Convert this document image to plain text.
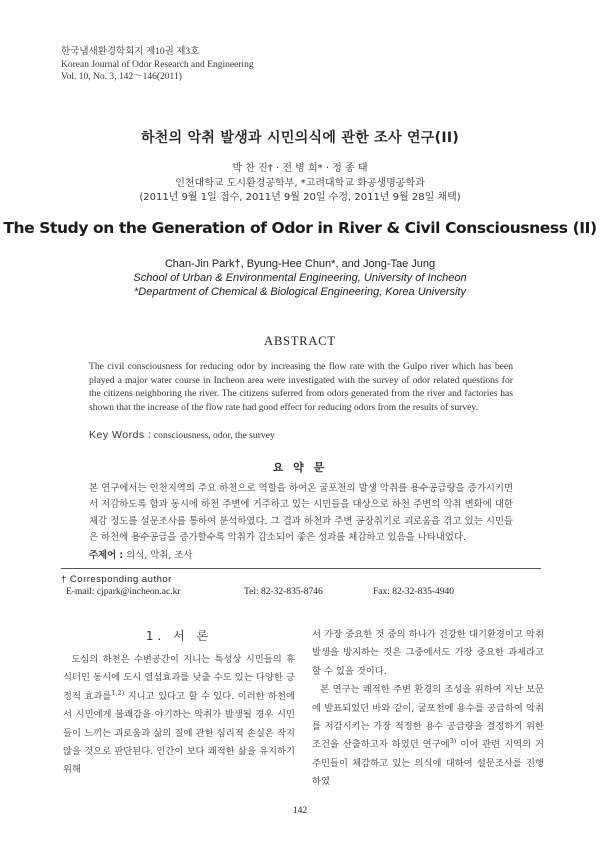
한국냄새환경학회지 제10권 제3호
Korean Journal of Odor Research and Engineering
Vol. 10, No. 3, 142～146(2011)
하천의 악취 발생과 시민의식에 관한 조사 연구(II)
박 찬 진† · 전 병 희* · 정 종 태
인천대학교 도시환경공학부, *고려대학교 화공생명공학과
(2011년 9월 1일 접수, 2011년 9월 20일 수정, 2011년 9월 28일 채택)
The Study on the Generation of Odor in River & Civil Consciousness (II)
Chan-Jin Park†, Byung-Hee Chun*, and Jong-Tae Jung
School of Urban & Environmental Engineering, University of Incheon
*Department of Chemical & Biological Engineering, Korea University
ABSTRACT
The civil consciousness for reducing odor by increasing the flow rate with the Gulpo river which has been played a major water course in Incheon area were investigated with the survey of odor related questions for the citizens neighboring the river. The citizens suferred from odors generated from the river and factories has shown that the increase of the flow rate had good effect for reducing odors from the results of survey.
Key Words : consciousness, odor, the survey
요 약 문
본 연구에서는 인천지역의 주요 하천으로 역할을 하여온 굴포천의 발생 악취를 용수공급량을 증가시키면서 저감하도록 함과 동시에 하천 주변에 거주하고 있는 시민들을 대상으로 하천 주변의 악취 변화에 대한 체감 정도를 설문조사를 통하여 분석하였다. 그 결과 하천과 주변 공장취기로 괴로움을 겪고 있는 시민들은 하천에 용수공급을 증가할수록 악취가 감소되어 좋은 성과를 체감하고 있음을 나타내었다.
주제어 : 의식, 악취, 조사
† Corresponding author
E-mail: cjpark@incheon.ac.kr	Tel: 82-32-835-8746	Fax: 82-32-835-4940
1. 서 론

도심의 하천은 수변공간이 지니는 특성상 시민들의 휴식터인 동시에 도시 열섬효과를 낮출 수도 있는 다양한 긍정적 효과를$^{1,2)}$ 지니고 있다고 할 수 있다. 이러한 하천에서 시민에게 불쾌감을 야기하는 악취가 발생될 경우 시민들이 느끼는 괴로움과 삶의 질에 관한 심리적 손실은 작지 않을 것으로 판단된다. 인간이 보다 쾌적한 삶을 유지하기 위해

서 가장 중요한 것 중의 하나가 건강한 대기환경이고 악취발생을 방지하는 것은 그중에서도 가장 중요한 과제라고 할 수 있을 것이다.

본 연구는 쾌적한 주변 환경의 조성을 위하여 지난 보문에 발표되었던 바와 같이, 굴포천에 용수를 공급하여 악취를 저감시키는 가장 적정한 용수 공급량을 결정하기 위한 조건을 산출하고자 하였던 연구에$^{3)}$ 이어 관련 지역의 거주민들이 체감하고 있는 의식에 대하여 설문조사를 진행하였

142
